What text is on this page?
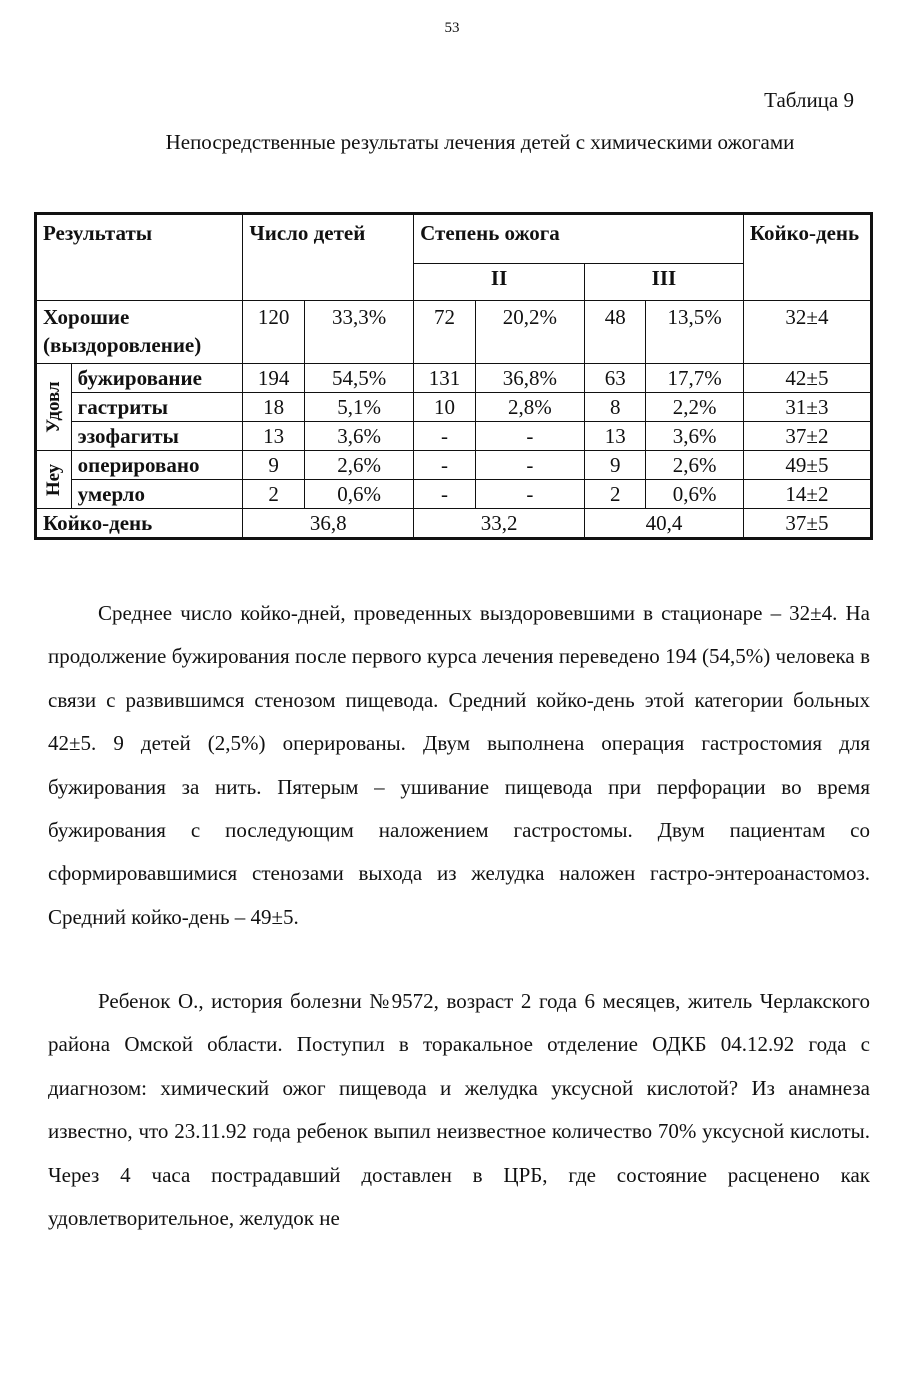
53
Таблица 9
Непосредственные результаты лечения детей с химическими ожогами
Результаты		Число детей		Степень ожога				Койко-день
				II		III		
Хорошие (выздоровление)		120	33,3%	72	20,2%	48	13,5%	32±4

Удовл	бужирование	194	54,5%	131	36,8%	63	17,7%	42±5
	гастриты	18	5,1%	10	2,8%	8	2,2%	31±3
	эзофагиты	13	3,6%	-	-	13	3,6%	37±2

Неу	оперировано	9	2,6%	-	-	9	2,6%	49±5
	умерло	2	0,6%	-	-	2	0,6%	14±2
Койко-день		36,8		33,2		40,4		37±5
Среднее число койко-дней, проведенных выздоровевшими в стационаре – 32±4. На продолжение бужирования после первого курса лечения переведено 194 (54,5%) человека в связи с развившимся стенозом пищевода. Средний койко-день этой категории больных 42±5. 9 детей (2,5%) оперированы. Двум выполнена операция гастростомия для бужирования за нить. Пятерым – ушивание пищевода при перфорации во время бужирования с последующим наложением гастростомы. Двум пациентам со сформировавшимися стенозами выхода из желудка наложен гастро-энтероанастомоз. Средний койко-день – 49±5.
Ребенок О., история болезни №9572, возраст 2 года 6 месяцев, житель Черлакского района Омской области. Поступил в торакальное отделение ОДКБ 04.12.92 года с диагнозом: химический ожог пищевода и желудка уксусной кислотой? Из анамнеза известно, что 23.11.92 года ребенок выпил неизвестное количество 70% уксусной кислоты. Через 4 часа пострадавший доставлен в ЦРБ, где состояние расценено как удовлетворительное, желудок не
